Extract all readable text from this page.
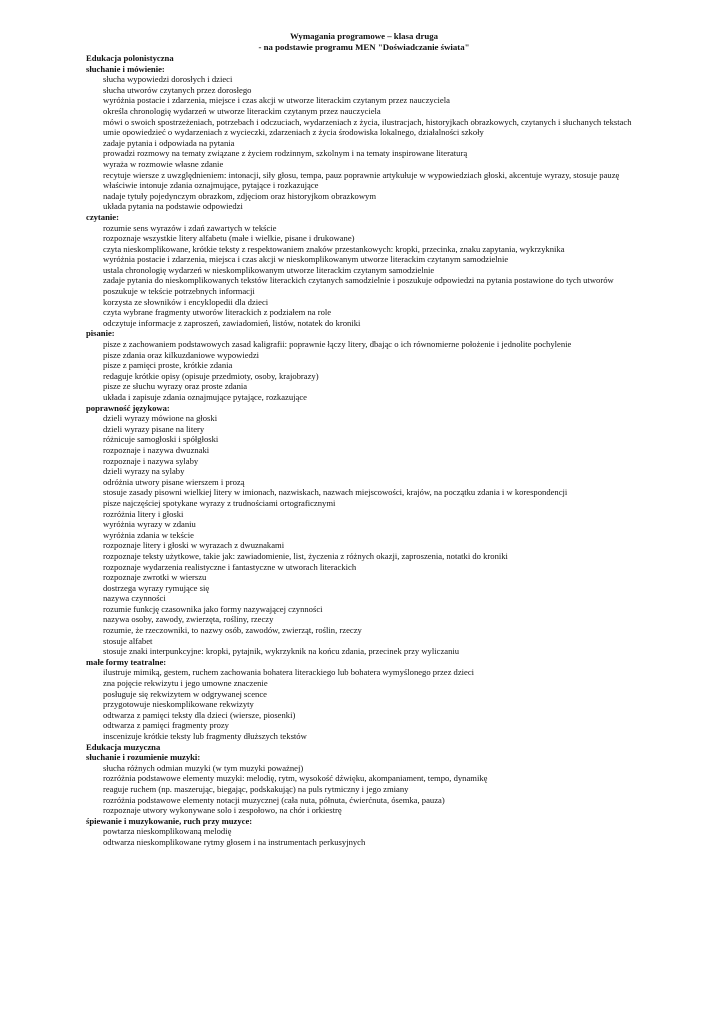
Wymagania programowe – klasa druga
- na podstawie programu MEN "Doświadczanie świata"
Edukacja polonistyczna
słuchanie i mówienie:
słucha wypowiedzi dorosłych i dzieci
słucha utworów czytanych przez dorosłego
wyróżnia postacie i zdarzenia, miejsce i czas akcji w utworze literackim czytanym przez nauczyciela
określa chronologię wydarzeń w utworze literackim czytanym przez nauczyciela
mówi o swoich spostrzeżeniach, potrzebach i odczuciach, wydarzeniach z życia, ilustracjach, historyjkach obrazkowych, czytanych i słuchanych tekstach
umie opowiedzieć o wydarzeniach z wycieczki, zdarzeniach z życia środowiska lokalnego, działalności szkoły
zadaje pytania i odpowiada na pytania
prowadzi rozmowy na tematy związane z życiem rodzinnym, szkolnym i na tematy inspirowane literaturą
wyraża w rozmowie własne zdanie
recytuje wiersze z uwzględnieniem: intonacji, siły głosu, tempa, pauz poprawnie artykułuje w wypowiedziach głoski, akcentuje wyrazy, stosuje pauzę
właściwie intonuje zdania oznajmujące, pytające i rozkazujące
nadaje tytuły pojedynczym obrazkom, zdjęciom oraz historyjkom obrazkowym
układa pytania na podstawie odpowiedzi
czytanie:
rozumie sens wyrazów i zdań zawartych w tekście
rozpoznaje wszystkie litery alfabetu (małe i wielkie, pisane i drukowane)
czyta nieskomplikowane, krótkie teksty z respektowaniem znaków przestankowych: kropki, przecinka, znaku zapytania, wykrzyknika
wyróżnia postacie i zdarzenia, miejsca i czas akcji w nieskomplikowanym utworze literackim czytanym samodzielnie
ustala chronologię wydarzeń w nieskomplikowanym utworze literackim czytanym samodzielnie
zadaje pytania do nieskomplikowanych tekstów literackich czytanych samodzielnie i poszukuje odpowiedzi na pytania postawione do tych utworów
poszukuje w tekście potrzebnych informacji
korzysta ze słowników i encyklopedii dla dzieci
czyta wybrane fragmenty utworów literackich z podziałem na role
odczytuje informacje z zaproszeń, zawiadomień, listów, notatek do kroniki
pisanie:
pisze z zachowaniem podstawowych zasad kaligrafii: poprawnie łączy litery, dbając o ich równomierne położenie i jednolite pochylenie
pisze zdania oraz kilkuzdaniowe wypowiedzi
pisze z pamięci proste, krótkie zdania
redaguje krótkie opisy (opisuje przedmioty, osoby, krajobrazy)
pisze ze słuchu wyrazy oraz proste zdania
układa i zapisuje zdania oznajmujące pytające, rozkazujące
poprawność językowa:
dzieli wyrazy mówione na głoski
dzieli wyrazy pisane na litery
różnicuje samogłoski i spółgłoski
rozpoznaje i nazywa dwuznaki
rozpoznaje i nazywa sylaby
dzieli wyrazy na sylaby
odróżnia utwory pisane wierszem i prozą
stosuje zasady pisowni wielkiej litery w imionach, nazwiskach, nazwach miejscowości, krajów, na początku zdania i w korespondencji
pisze najczęściej spotykane wyrazy z trudnościami ortograficznymi
rozróżnia litery i głoski
wyróżnia wyrazy w zdaniu
wyróżnia zdania w tekście
rozpoznaje litery i głoski w wyrazach z dwuznakami
rozpoznaje teksty użytkowe, takie jak: zawiadomienie, list, życzenia z różnych okazji, zaproszenia, notatki do kroniki
rozpoznaje wydarzenia realistyczne i fantastyczne w utworach literackich
rozpoznaje zwrotki w wierszu
dostrzega wyrazy rymujące się
nazywa czynności
rozumie funkcję czasownika jako formy nazywającej czynności
nazywa osoby, zawody, zwierzęta, rośliny, rzeczy
rozumie, że rzeczowniki, to nazwy osób, zawodów, zwierząt, roślin, rzeczy
stosuje alfabet
stosuje znaki interpunkcyjne: kropki, pytajnik, wykrzyknik na końcu zdania, przecinek przy wyliczaniu
małe formy teatralne:
ilustruje mimiką, gestem, ruchem zachowania bohatera literackiego lub bohatera wymyślonego przez dzieci
zna pojęcie rekwizytu i jego umowne znaczenie
posługuje się rekwizytem w odgrywanej scence
przygotowuje nieskomplikowane rekwizyty
odtwarza z pamięci teksty dla dzieci (wiersze, piosenki)
odtwarza z pamięci fragmenty prozy
inscenizuje krótkie teksty lub fragmenty dłuższych tekstów
Edukacja muzyczna
słuchanie i rozumienie muzyki:
słucha różnych odmian muzyki (w tym muzyki poważnej)
rozróżnia podstawowe elementy muzyki: melodię, rytm, wysokość dźwięku, akompaniament, tempo, dynamikę
reaguje ruchem (np. maszerując, biegając, podskakując) na puls rytmiczny i jego zmiany
rozróżnia podstawowe elementy notacji muzycznej (cała nuta, półnuta, ćwierćnuta, ósemka, pauza)
rozpoznaje utwory wykonywane solo i zespołowo, na chór i orkiestrę
śpiewanie i muzykowanie, ruch przy muzyce:
powtarza nieskomplikowaną melodię
odtwarza nieskomplikowane rytmy głosem i na instrumentach perkusyjnych
